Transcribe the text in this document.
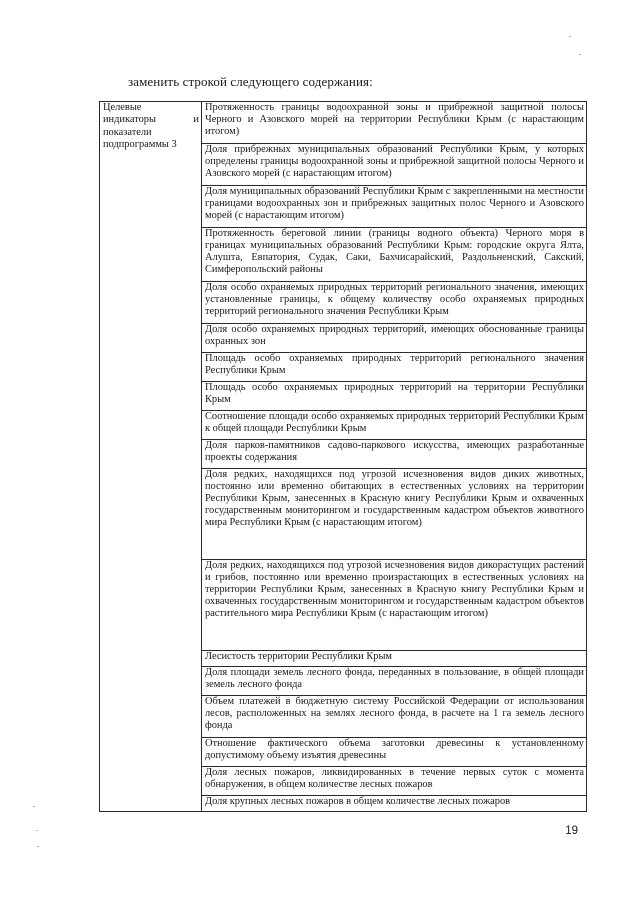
заменить строкой следующего содержания:
Целевые
индикаторы и
показатели
подпрограммы 3
	Протяженность границы водоохранной зоны и прибрежной защитной полосы Черного и Азовского морей на территории Республики Крым (с нарастающим итогом)
Доля прибрежных муниципальных образований Республики Крым, у которых определены границы водоохранной зоны и прибрежной защитной полосы Черного и Азовского морей (с нарастающим итогом)
Доля муниципальных образований Республики Крым с закрепленными на местности границами водоохранных зон и прибрежных защитных полос Черного и Азовского морей (с нарастающим итогом)
Протяженность береговой линии (границы водного объекта) Черного моря в границах муниципальных образований Республики Крым: городские округа Ялта, Алушта, Евпатория, Судак, Саки, Бахчисарайский, Раздольненский, Сакский, Симферопольский районы
Доля особо охраняемых природных территорий регионального значения, имеющих установленные границы, к общему количеству особо охраняемых природных территорий регионального значения Республики Крым
Доля особо охраняемых природных территорий, имеющих обоснованные границы охранных зон
Площадь особо охраняемых природных территорий регионального значения Республики Крым
Площадь особо охраняемых природных территорий на территории Республики Крым
Соотношение площади особо охраняемых природных территорий Республики Крым к общей площади Республики Крым
Доля парков-памятников садово-паркового искусства, имеющих разработанные проекты содержания
Доля редких, находящихся под угрозой исчезновения видов диких животных, постоянно или временно обитающих в естественных условиях на территории Республики Крым, занесенных в Красную книгу Республики Крым и охваченных государственным мониторингом и государственным кадастром объектов животного мира Республики Крым (с нарастающим итогом)
Доля редких, находящихся под угрозой исчезновения видов дикорастущих растений и грибов, постоянно или временно произрастающих в естественных условиях на территории Республики Крым, занесенных в Красную книгу Республики Крым и охваченных государственным мониторингом и государственным кадастром объектов растительного мира Республики Крым (с нарастающим итогом)
Лесистость территории Республики Крым
Доля площади земель лесного фонда, переданных в пользование, в общей площади земель лесного фонда
Объем платежей в бюджетную систему Российской Федерации от использования лесов, расположенных на землях лесного фонда, в расчете на 1 га земель лесного фонда
Отношение фактического объема заготовки древесины к установленному допустимому объему изъятия древесины
Доля лесных пожаров, ликвидированных в течение первых суток с момента обнаружения, в общем количестве лесных пожаров
Доля крупных лесных пожаров в общем количестве лесных пожаров
19
